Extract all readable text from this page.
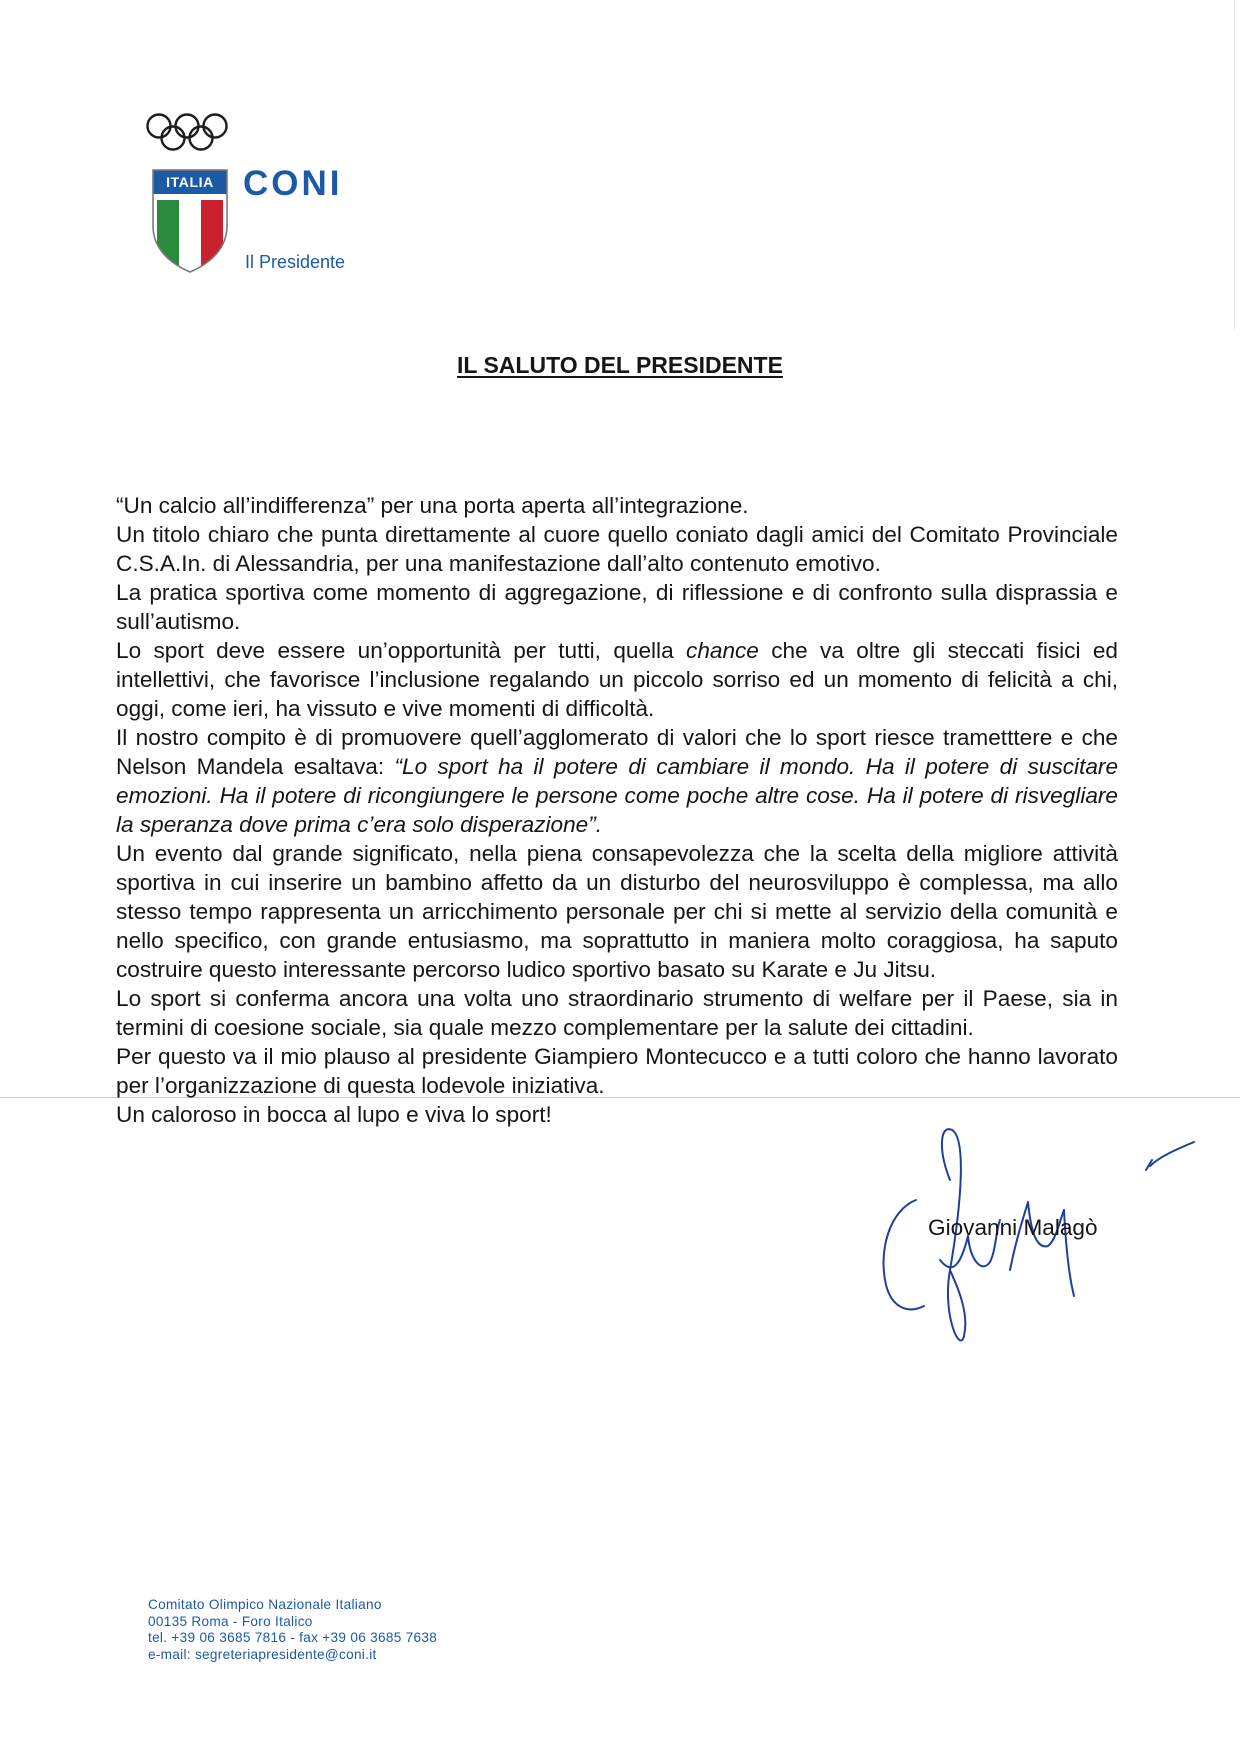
ITALIA CONI
Il Presidente
IL SALUTO DEL PRESIDENTE

“Un calcio all’indifferenza” per una porta aperta all’integrazione.

Un titolo chiaro che punta direttamente al cuore quello coniato dagli amici del Comitato Provinciale C.S.A.In. di Alessandria, per una manifestazione dall’alto contenuto emotivo.

La pratica sportiva come momento di aggregazione, di riflessione e di confronto sulla disprassia e sull’autismo.

Lo sport deve essere un’opportunità per tutti, quella chance che va oltre gli steccati fisici ed intellettivi, che favorisce l’inclusione regalando un piccolo sorriso ed un momento di felicità a chi, oggi, come ieri, ha vissuto e vive momenti di difficoltà.

Il nostro compito è di promuovere quell’agglomerato di valori che lo sport riesce trametttere e che Nelson Mandela esaltava: “Lo sport ha il potere di cambiare il mondo. Ha il potere di suscitare emozioni. Ha il potere di ricongiungere le persone come poche altre cose. Ha il potere di risvegliare la speranza dove prima c’era solo disperazione”.

Un evento dal grande significato, nella piena consapevolezza che la scelta della migliore attività sportiva in cui inserire un bambino affetto da un disturbo del neurosviluppo è complessa, ma allo stesso tempo rappresenta un arricchimento personale per chi si mette al servizio della comunità e nello specifico, con grande entusiasmo, ma soprattutto in maniera molto coraggiosa, ha saputo costruire questo interessante percorso ludico sportivo basato su Karate e Ju Jitsu.

Lo sport si conferma ancora una volta uno straordinario strumento di welfare per il Paese, sia in termini di coesione sociale, sia quale mezzo complementare per la salute dei cittadini.

Per questo va il mio plauso al presidente Giampiero Montecucco e a tutti coloro che hanno lavorato per l’organizzazione di questa lodevole iniziativa.

Un caloroso in bocca al lupo e viva lo sport!

Giovanni Malagò
Comitato Olimpico Nazionale Italiano
00135 Roma - Foro Italico
tel. +39 06 3685 7816 - fax +39 06 3685 7638
e-mail: segreteriapresidente@coni.it
